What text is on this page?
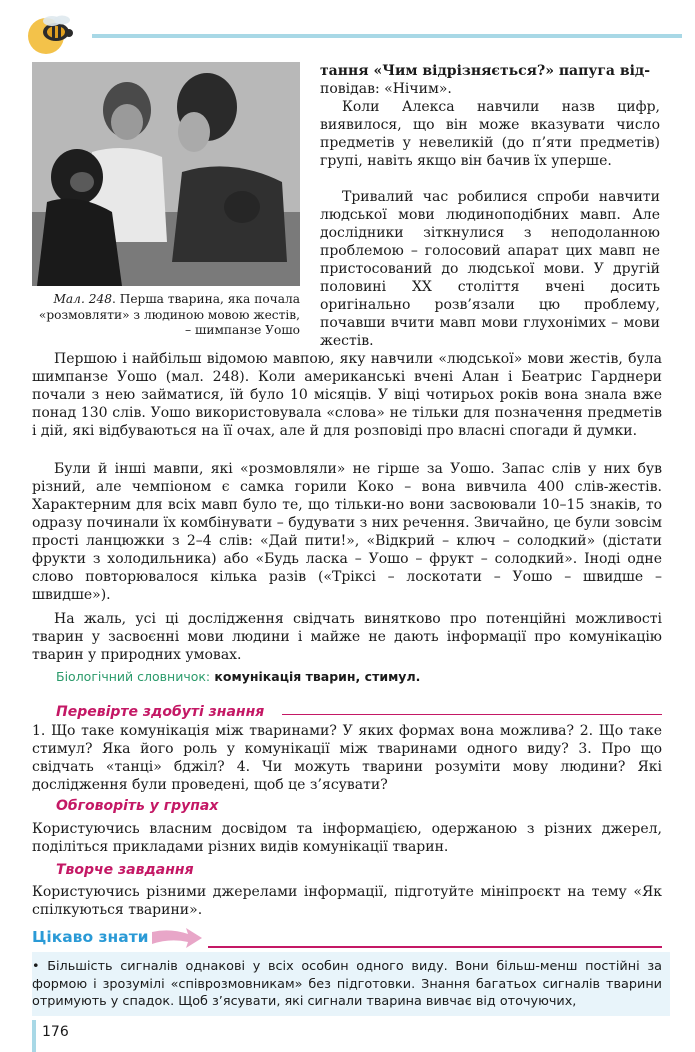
Мал. 248. Перша тварина, яка почала «розмовляти» з людиною мовою жестів, – шимпанзе Уошо

тання «Чим відрізняється?» папуга від-
повідав: «Нічим».

Коли Алекса навчили назв цифр, виявилося, що він може вказувати число предметів у невеликій (до п’яти предметів) групі, навіть якщо він бачив їх уперше.

Тривалий час робилися спроби навчити людської мови людиноподібних мавп. Але дослідники зіткнулися з неподоланною проблемою – голосовий апарат цих мавп не пристосований до людської мови. У другій половині XX століття вчені досить оригінально розв’язали цю проблему, почавши вчити мавп мови глухонімих – мови жестів.

Першою і найбільш відомою мавпою, яку навчили «людської» мови жестів, була шимпанзе Уошо (мал. 248). Коли американські вчені Алан і Беатрис Гарднери почали з нею займатися, їй було 10 місяців. У віці чотирьох років вона знала вже понад 130 слів. Уошо використовувала «слова» не тільки для позначення предметів і дій, які відбуваються на її очах, але й для розповіді про власні спогади й думки.

Були й інші мавпи, які «розмовляли» не гірше за Уошо. Запас слів у них був різний, але чемпіоном є самка горили Коко – вона вивчила 400 слів-жестів. Характерним для всіх мавп було те, що тільки-но вони засвоювали 10–15 знаків, то одразу починали їх комбінувати – будувати з них речення. Звичайно, це були зовсім прості ланцюжки з 2–4 слів: «Дай пити!», «Відкрий – ключ – солодкий» (дістати фрукти з холодильника) або «Будь ласка – Уошо – фрукт – солодкий». Іноді одне слово повторювалося кілька разів («Тріксі – лоскотати – Уошо – швидше – швидше»).

На жаль, усі ці дослідження свідчать винятково про потенційні можливості тварин у засвоєнні мови людини і майже не дають інформації про комунікацію тварин у природних умовах.

Біологічний словничок: комунікація тварин, стимул.
Перевірте здобуті знання

1. Що таке комунікація між тваринами? У яких формах вона можлива? 2. Що таке стимул? Яка його роль у комунікації між тваринами одного виду? 3. Про що свідчать «танці» бджіл? 4. Чи можуть тварини розуміти мову людини? Які дослідження були проведені, щоб це з’ясувати?

Обговоріть у групах

Користуючись власним досвідом та інформацією, одержаною з різних джерел, поділіться прикладами різних видів комунікації тварин.

Творче завдання

Користуючись різними джерелами інформації, підготуйте мініпроєкт на тему «Як спілкуються тварини».

Цікаво знати

• Більшість сигналів однакові у всіх особин одного виду. Вони більш-менш постійні за формою і зрозумілі «співрозмовникам» без підготовки. Знання багатьох сигналів тварини отримують у спадок. Щоб з’ясувати, які сигнали тварина вивчає від оточуючих,

176
